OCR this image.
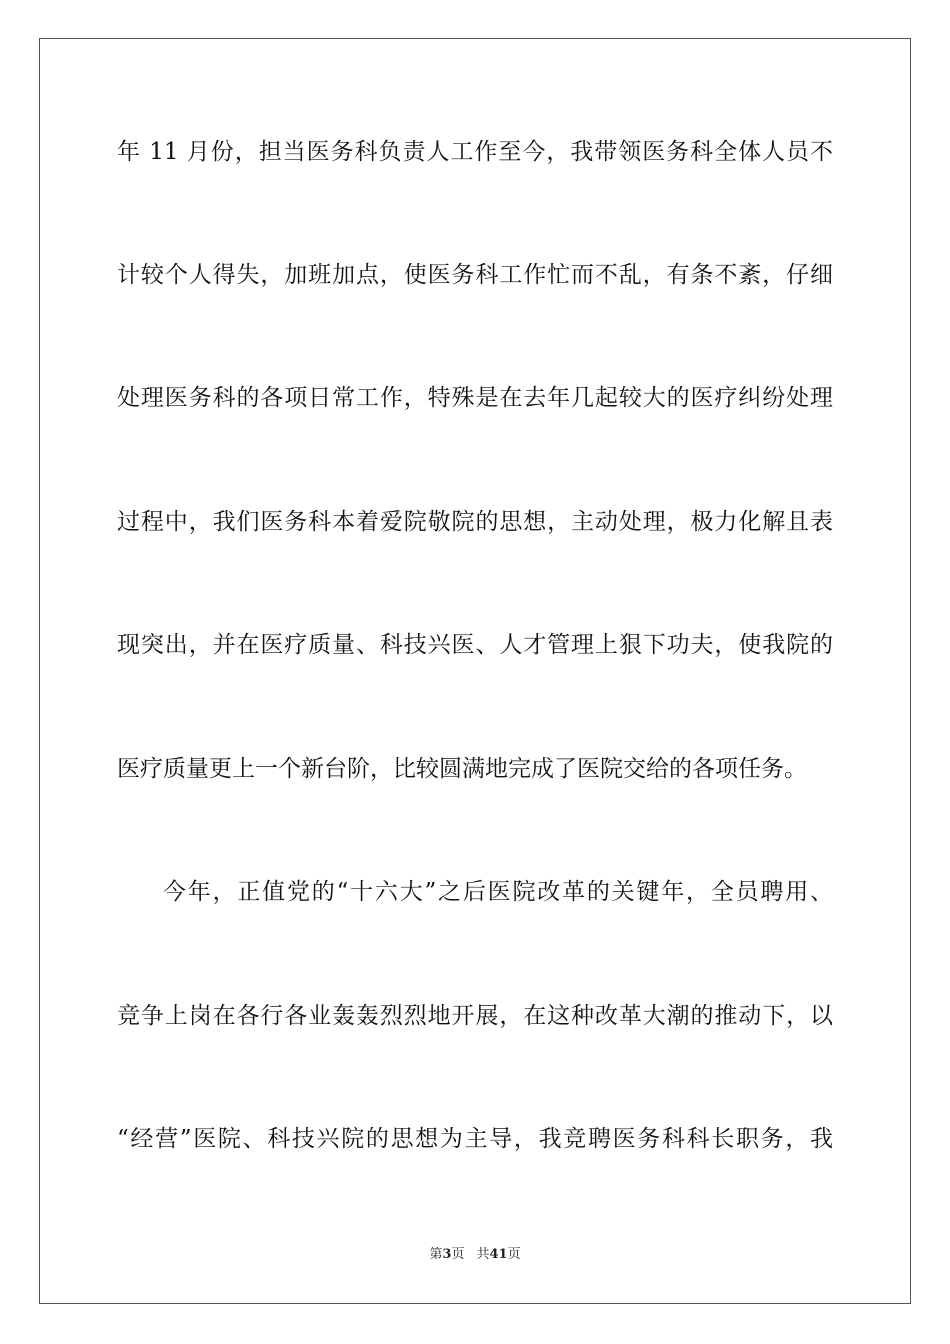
年 11 月份，担当医务科负责人工作至今，我带领医务科全体人员不
计较个人得失，加班加点，使医务科工作忙而不乱，有条不紊，仔细
处理医务科的各项日常工作，特殊是在去年几起较大的医疗纠纷处理
过程中，我们医务科本着爱院敬院的思想，主动处理，极力化解且表
现突出，并在医疗质量、科技兴医、人才管理上狠下功夫，使我院的
医疗质量更上一个新台阶，比较圆满地完成了医院交给的各项任务。
今年，正值党的“十六大”之后医院改革的关键年，全员聘用、
竞争上岗在各行各业轰轰烈烈地开展，在这种改革大潮的推动下，以
“经营”医院、科技兴院的思想为主导，我竞聘医务科科长职务，我
第3页 共41页
